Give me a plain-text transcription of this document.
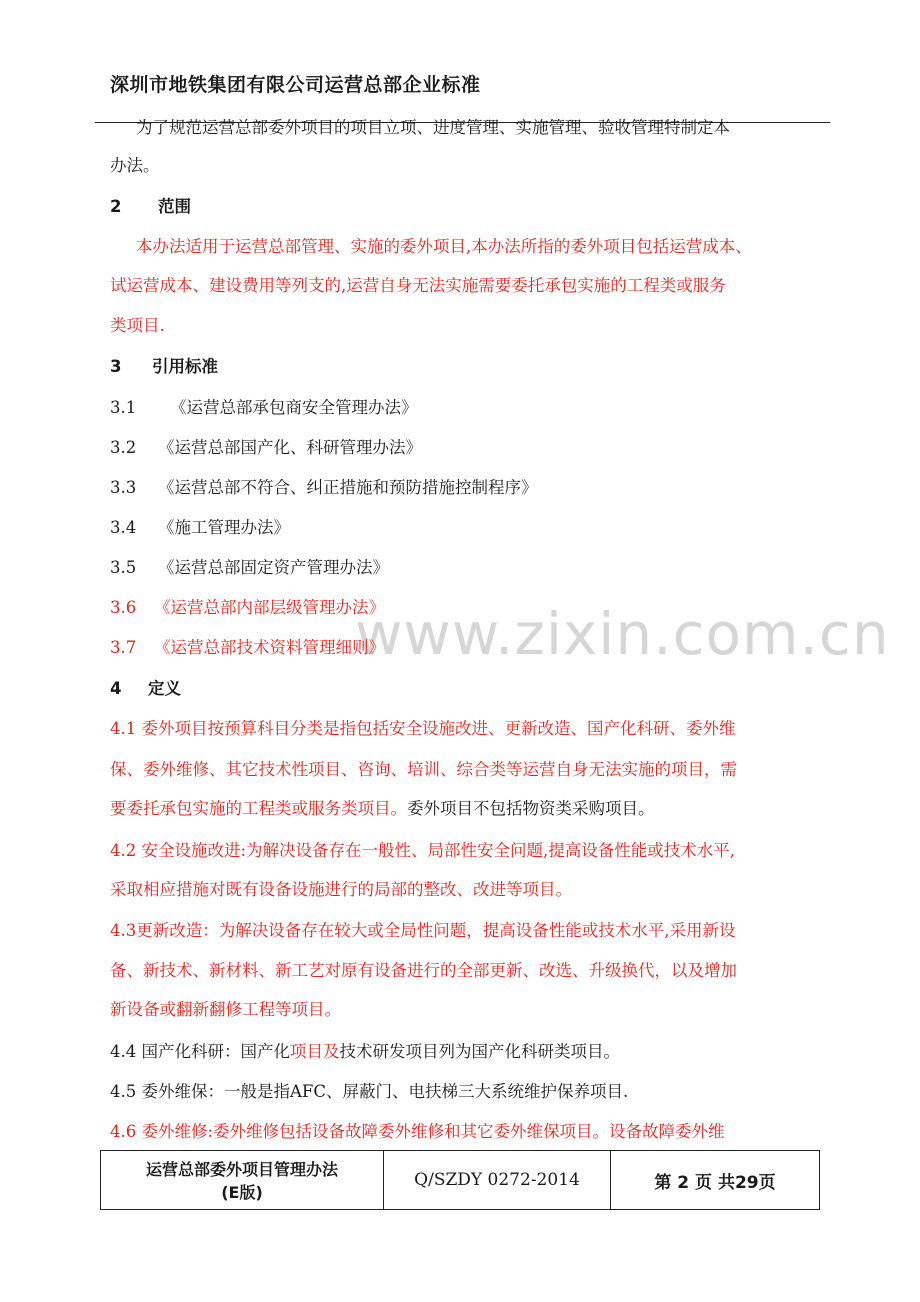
深圳市地铁集团有限公司运营总部企业标准
www.zixin.com.cn
为了规范运营总部委外项目的项目立项、进度管理、实施管理、验收管理特制定本
办法。
2 范围
本办法适用于运营总部管理、实施的委外项目,本办法所指的委外项目包括运营成本、
试运营成本、建设费用等列支的,运营自身无法实施需要委托承包实施的工程类或服务
类项目.
3 引用标准
3.1 《运营总部承包商安全管理办法》
3.2 《运营总部国产化、科研管理办法》
3.3 《运营总部不符合、纠正措施和预防措施控制程序》
3.4 《施工管理办法》
3.5 《运营总部固定资产管理办法》
3.6 《运营总部内部层级管理办法》
3.7 《运营总部技术资料管理细则》
4 定义
4.1 委外项目按预算科目分类是指包括安全设施改进、更新改造、国产化科研、委外维
保、委外维修、其它技术性项目、咨询、培训、综合类等运营自身无法实施的项目，需
要委托承包实施的工程类或服务类项目。委外项目不包括物资类采购项目。
4.2 安全设施改进:为解决设备存在一般性、局部性安全问题,提高设备性能或技术水平,
采取相应措施对既有设备设施进行的局部的整改、改进等项目。
4.3更新改造：为解决设备存在较大或全局性问题，提高设备性能或技术水平,采用新设
备、新技术、新材料、新工艺对原有设备进行的全部更新、改选、升级换代，以及增加
新设备或翻新翻修工程等项目。
4.4 国产化科研：国产化项目及技术研发项目列为国产化科研类项目。
4.5 委外维保：一般是指AFC、屏蔽门、电扶梯三大系统维护保养项目.
4.6 委外维修:委外维修包括设备故障委外维修和其它委外维保项目。设备故障委外维
运营总部委外项目管理办法
(E版)
Q/SZDY 0272-2014	第 2 页 共29页
